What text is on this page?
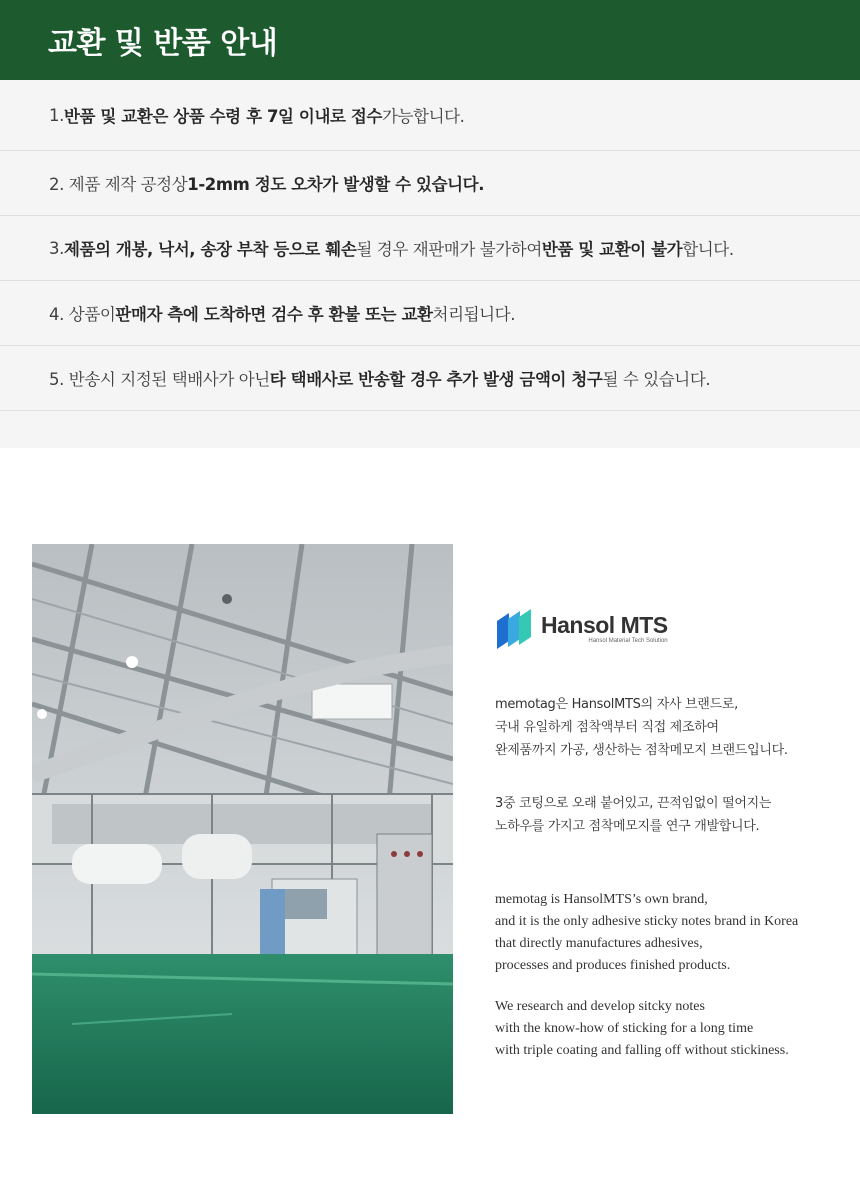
교환 및 반품 안내
1. 반품 및 교환은 상품 수령 후 7일 이내로 접수 가능합니다.
2. 제품 제작 공정상 1-2mm 정도 오차가 발생할 수 있습니다.
3. 제품의 개봉, 낙서, 송장 부착 등으로 훼손 될 경우 재판매가 불가하여 반품 및 교환이 불가 합니다.
4. 상품이 판매자 측에 도착하면 검수 후 환불 또는 교환 처리됩니다.
5. 반송시 지정된 택배사가 아닌 타 택배사로 반송할 경우 추가 발생 금액이 청구 될 수 있습니다.
Hansol MTS
Hansol Material Tech Solution

memotag은 HansolMTS의 자사 브랜드로,

국내 유일하게 점착액부터 직접 제조하여

완제품까지 가공, 생산하는 점착메모지 브랜드입니다.

3중 코팅으로 오래 붙어있고, 끈적임없이 떨어지는

노하우를 가지고 점착메모지를 연구 개발합니다.

memotag is HansolMTS’s own brand,

and it is the only adhesive sticky notes brand in Korea

that directly manufactures adhesives,

processes and produces finished products.

We research and develop sitcky notes

with the know-how of sticking for a long time

with triple coating and falling off without stickiness.
